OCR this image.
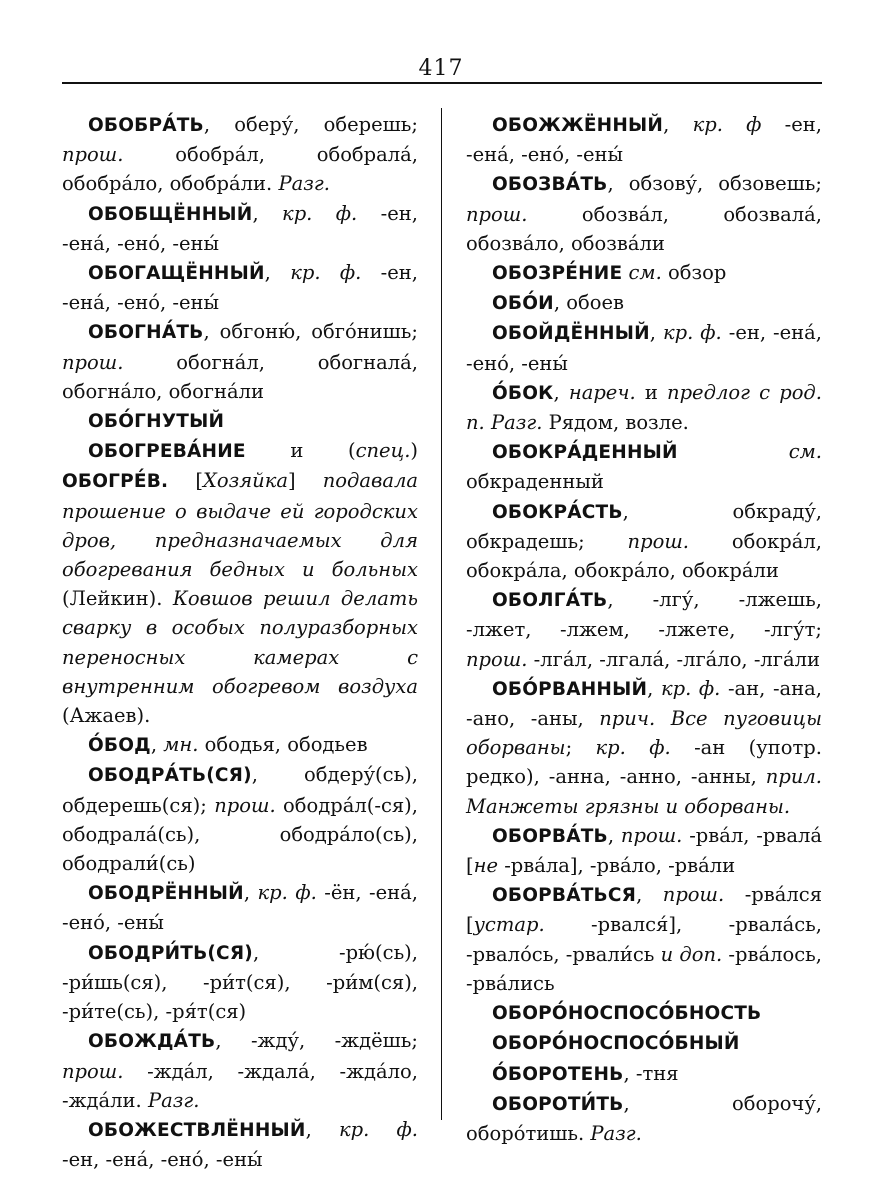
417

ОБОБРА́ТЬ, оберу́, оберешь; прош. обобра́л, обобрала́, обобра́ло, обобра́ли. Разг.

ОБОБЩЁННЫЙ, кр. ф. -ен, -ена́, -ено́, -ены́

ОБОГАЩЁННЫЙ, кр. ф. -ен, -ена́, -ено́, -ены́

ОБОГНА́ТЬ, обгоню́, обго́нишь; прош. обогна́л, обогнала́, обогна́ло, обогна́ли

ОБО́ГНУТЫЙ

ОБОГРЕВА́НИЕ и (спец.) ОБОГРЕ́В. [Хозяйка] подавала прошение о выдаче ей городских дров, предназначаемых для обогревания бедных и больных (Лейкин). Ковшов решил делать сварку в особых полуразборных переносных камерах с внутренним обогревом воздуха (Ажаев).

О́БОД, мн. ободья, ободьев

ОБОДРА́ТЬ(СЯ), обдеру́(сь), обдерешь(ся); прош. ободра́л(-ся), ободрала́(сь), ободра́ло(сь), ободрали́(сь)

ОБОДРЁННЫЙ, кр. ф. -ён, -ена́, -ено́, -ены́

ОБОДРИ́ТЬ(СЯ), -рю́(сь), -ри́шь(ся), -ри́т(ся), -ри́м(ся), -ри́те(сь), -ря́т(ся)

ОБОЖДА́ТЬ, -жду́, -ждёшь; прош. -жда́л, -ждала́, -жда́ло, -жда́ли. Разг.

ОБОЖЕСТВЛЁННЫЙ, кр. ф. -ен, -ена́, -ено́, -ены́

ОБОЖЖЁННЫЙ, кр. ф -ен, -ена́, -ено́, -ены́

ОБОЗВА́ТЬ, обзову́, обзовешь; прош. обозва́л, обозвала́, обозва́ло, обозва́ли

ОБОЗРЕ́НИЕ см. обзор

ОБО́И, обоев

ОБОЙДЁННЫЙ, кр. ф. -ен, -ена́, -ено́, -ены́

О́БОК, нареч. и предлог с род. п. Разг. Рядом, возле.

ОБОКРА́ДЕННЫЙ	см. обкраденный

ОБОКРА́СТЬ, обкраду́, обкрадешь; прош. обокра́л, обокра́ла, обокра́ло, обокра́ли

ОБОЛГА́ТЬ, -лгу́, -лжешь, -лжет, -лжем, -лжете, -лгу́т; прош. -лга́л, -лгала́, -лга́ло, -лга́ли

ОБО́РВАННЫЙ, кр. ф. -ан, -ана, -ано, -аны, прич. Все пуговицы оборваны; кр. ф. -ан (употр. редко), -анна, -анно, -анны, прил. Манжеты грязны и оборваны.

ОБОРВА́ТЬ, прош. -рва́л, -рвала́ [не -рва́ла], -рва́ло, -рва́ли

ОБОРВА́ТЬСЯ, прош. -рва́лся [устар. -рвался́], -рвала́сь, -рвало́сь, -рвали́сь и доп. -рва́лось, -рва́лись

ОБОРО́НОСПОСО́БНОСТЬ

ОБОРО́НОСПОСО́БНЫЙ

О́БОРОТЕНЬ, -тня

ОБОРОТИ́ТЬ, оборочу́, оборо́тишь. Разг.
